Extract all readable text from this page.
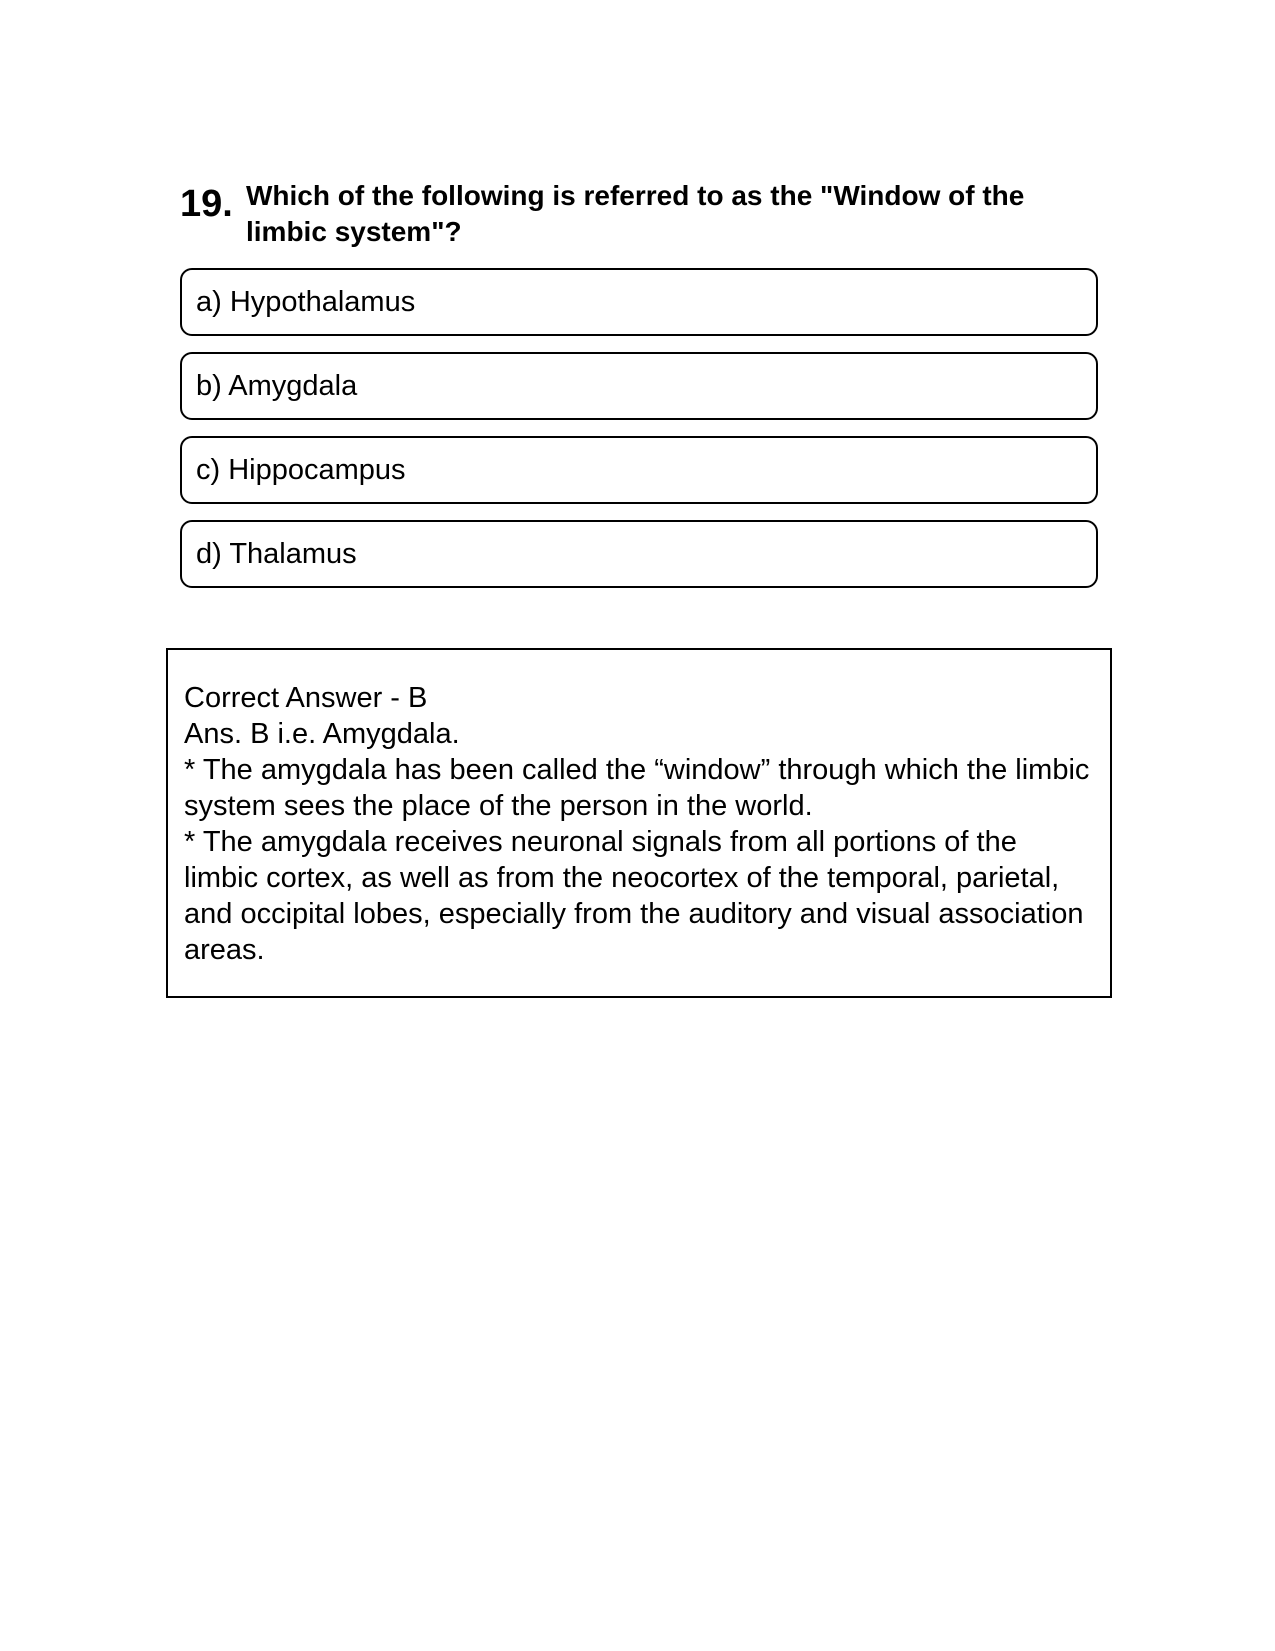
19. Which of the following is referred to as the "Window of the limbic system"?
a) Hypothalamus
b) Amygdala
c) Hippocampus
d) Thalamus

Correct Answer - B

Ans. B i.e. Amygdala.

* The amygdala has been called the “window” through which the limbic system sees the place of the person in the world.

* The amygdala receives neuronal signals from all portions of the limbic cortex, as well as from the neocortex of the temporal, parietal, and occipital lobes, especially from the auditory and visual association areas.
